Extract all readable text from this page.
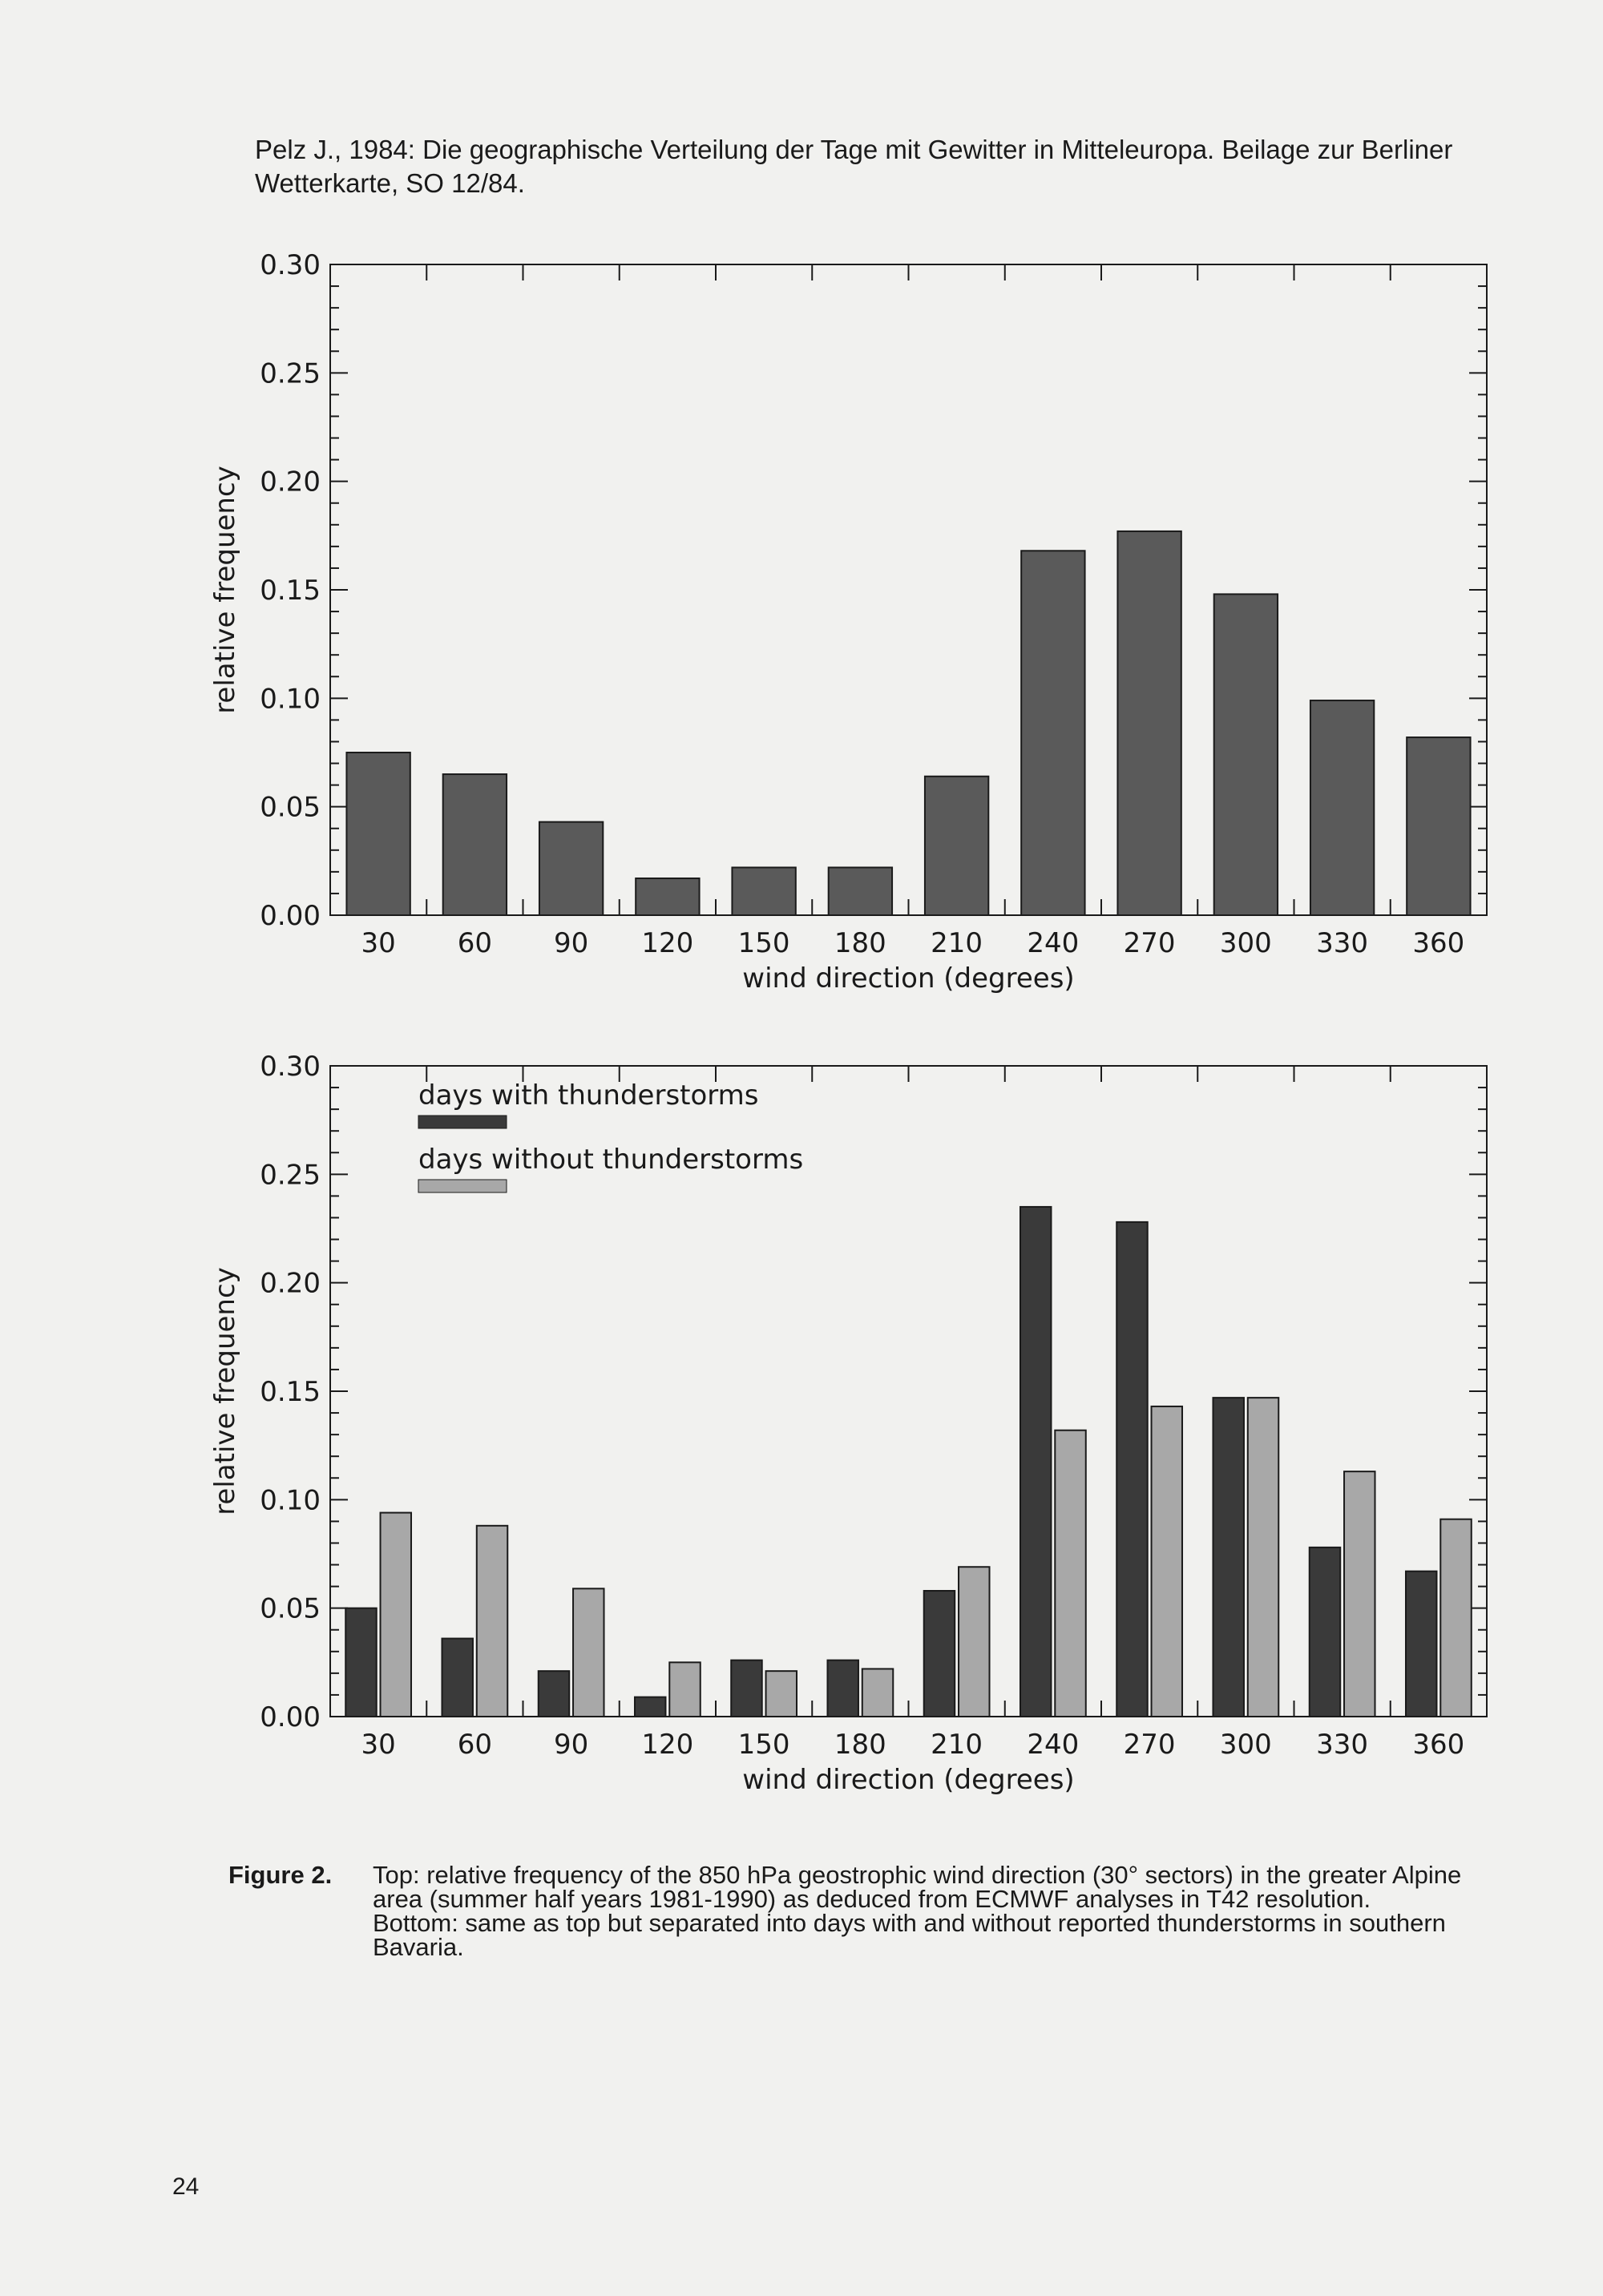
Pelz J., 1984: Die geographische Verteilung der Tage mit Gewitter in Mitteleuropa. Beilage zur Berliner Wetterkarte, SO 12/84.
0.00
0.05
0.10
0.15
0.20
0.25
0.30
30 60 90 120 150 180 210 240 270 300 330 360
wind direction (degrees)
relative frequency
0.00
0.05
0.10
0.15
0.20
0.25
0.30
30 60 90 120 150 180 210 240 270 300 330 360
wind direction (degrees)
relative frequency
days with thunderstorms
days without thunderstorms
Figure 2. Top: relative frequency of the 850 hPa geostrophic wind direction (30° sectors) in the greater Alpine area (summer half years 1981-1990) as deduced from ECMWF analyses in T42 resolution.
Bottom: same as top but separated into days with and without reported thunderstorms in southern Bavaria.
24
